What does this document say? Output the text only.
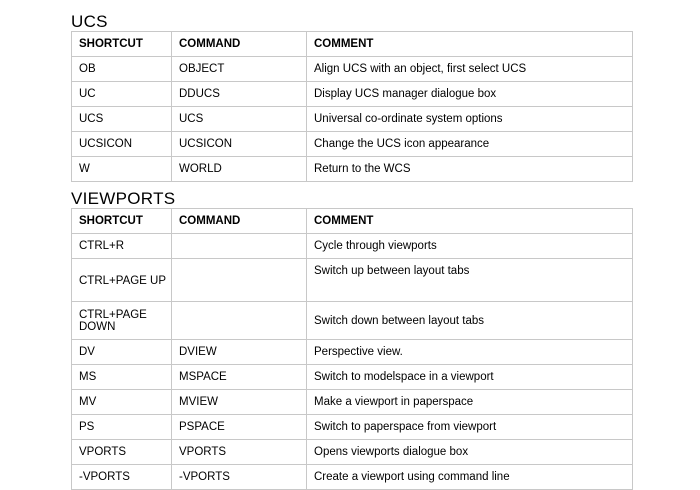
UCS
SHORTCUT	COMMAND	COMMENT
OB	OBJECT	Align UCS with an object, first select UCS
UC	DDUCS	Display UCS manager dialogue box
UCS	UCS	Universal co-ordinate system options
UCSICON	UCSICON	Change the UCS icon appearance
W	WORLD	Return to the WCS
VIEWPORTS
SHORTCUT	COMMAND	COMMENT
CTRL+R		Cycle through viewports
CTRL+PAGE UP		Switch up between layout tabs
CTRL+PAGE DOWN		Switch down between layout tabs
DV	DVIEW	Perspective view.
MS	MSPACE	Switch to modelspace in a viewport
MV	MVIEW	Make a viewport in paperspace
PS	PSPACE	Switch to paperspace from viewport
VPORTS	VPORTS	Opens viewports dialogue box
-VPORTS	-VPORTS	Create a viewport using command line
